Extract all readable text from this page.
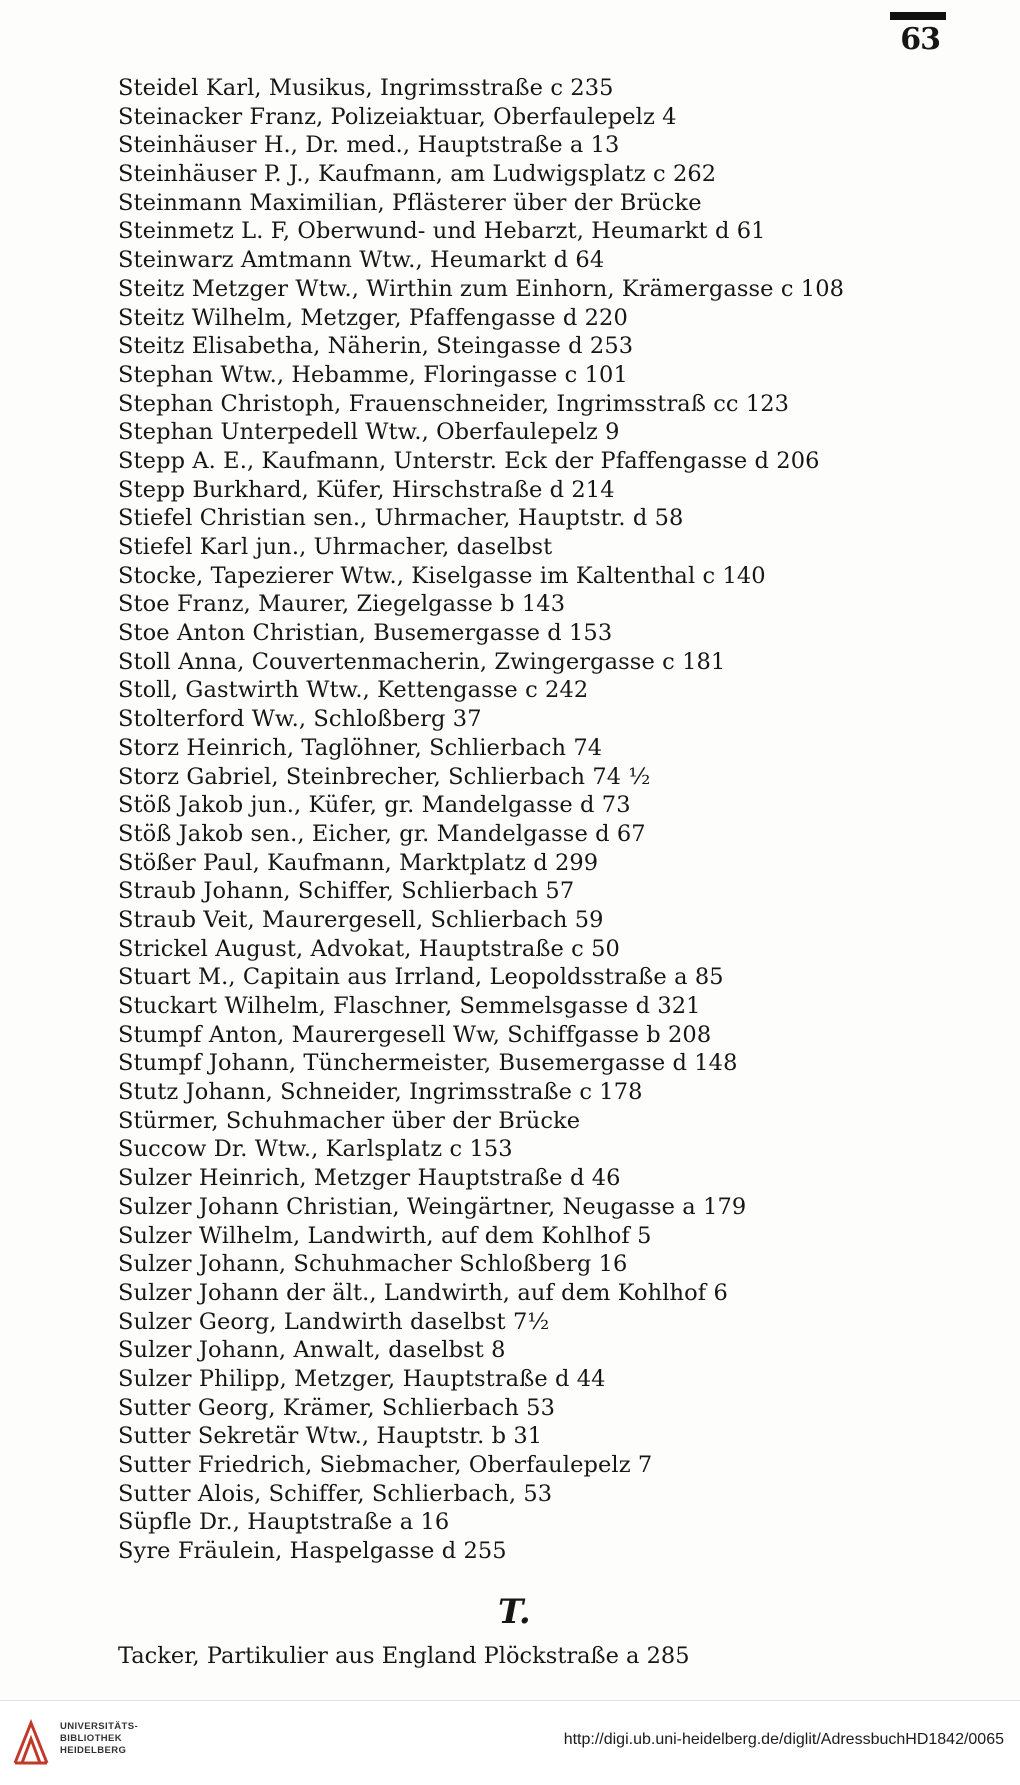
63
Steidel Karl, Musikus, Ingrimsstraße c 235
Steinacker Franz, Polizeiaktuar, Oberfaulepelz 4
Steinhäuser H., Dr. med., Hauptstraße a 13
Steinhäuser P. J., Kaufmann, am Ludwigsplatz c 262
Steinmann Maximilian, Pflästerer über der Brücke
Steinmetz L. F, Oberwund- und Hebarzt, Heumarkt d 61
Steinwarz Amtmann Wtw., Heumarkt d 64
Steitz Metzger Wtw., Wirthin zum Einhorn, Krämergasse c 108
Steitz Wilhelm, Metzger, Pfaffengasse d 220
Steitz Elisabetha, Näherin, Steingasse d 253
Stephan Wtw., Hebamme, Floringasse c 101
Stephan Christoph, Frauenschneider, Ingrimsstraß cc 123
Stephan Unterpedell Wtw., Oberfaulepelz 9
Stepp A. E., Kaufmann, Unterstr. Eck der Pfaffengasse d 206
Stepp Burkhard, Küfer, Hirschstraße d 214
Stiefel Christian sen., Uhrmacher, Hauptstr. d 58
Stiefel Karl jun., Uhrmacher, daselbst
Stocke, Tapezierer Wtw., Kiselgasse im Kaltenthal c 140
Stoe Franz, Maurer, Ziegelgasse b 143
Stoe Anton Christian, Busemergasse d 153
Stoll Anna, Couvertenmacherin, Zwingergasse c 181
Stoll, Gastwirth Wtw., Kettengasse c 242
Stolterford Ww., Schloßberg 37
Storz Heinrich, Taglöhner, Schlierbach 74
Storz Gabriel, Steinbrecher, Schlierbach 74 ½
Stöß Jakob jun., Küfer, gr. Mandelgasse d 73
Stöß Jakob sen., Eicher, gr. Mandelgasse d 67
Stößer Paul, Kaufmann, Marktplatz d 299
Straub Johann, Schiffer, Schlierbach 57
Straub Veit, Maurergesell, Schlierbach 59
Strickel August, Advokat, Hauptstraße c 50
Stuart M., Capitain aus Irrland, Leopoldsstraße a 85
Stuckart Wilhelm, Flaschner, Semmelsgasse d 321
Stumpf Anton, Maurergesell Ww, Schiffgasse b 208
Stumpf Johann, Tünchermeister, Busemergasse d 148
Stutz Johann, Schneider, Ingrimsstraße c 178
Stürmer, Schuhmacher über der Brücke
Succow Dr. Wtw., Karlsplatz c 153
Sulzer Heinrich, Metzger Hauptstraße d 46
Sulzer Johann Christian, Weingärtner, Neugasse a 179
Sulzer Wilhelm, Landwirth, auf dem Kohlhof 5
Sulzer Johann, Schuhmacher Schloßberg 16
Sulzer Johann der ält., Landwirth, auf dem Kohlhof 6
Sulzer Georg, Landwirth daselbst 7½
Sulzer Johann, Anwalt, daselbst 8
Sulzer Philipp, Metzger, Hauptstraße d 44
Sutter Georg, Krämer, Schlierbach 53
Sutter Sekretär Wtw., Hauptstr. b 31
Sutter Friedrich, Siebmacher, Oberfaulepelz 7
Sutter Alois, Schiffer, Schlierbach, 53
Süpfle Dr., Hauptstraße a 16
Syre Fräulein, Haspelgasse d 255
T.
Tacker, Partikulier aus England Plöckstraße a 285
UNIVERSITÄTS-
BIBLIOTHEK
HEIDELBERG
http://digi.ub.uni-heidelberg.de/diglit/AdressbuchHD1842/0065
